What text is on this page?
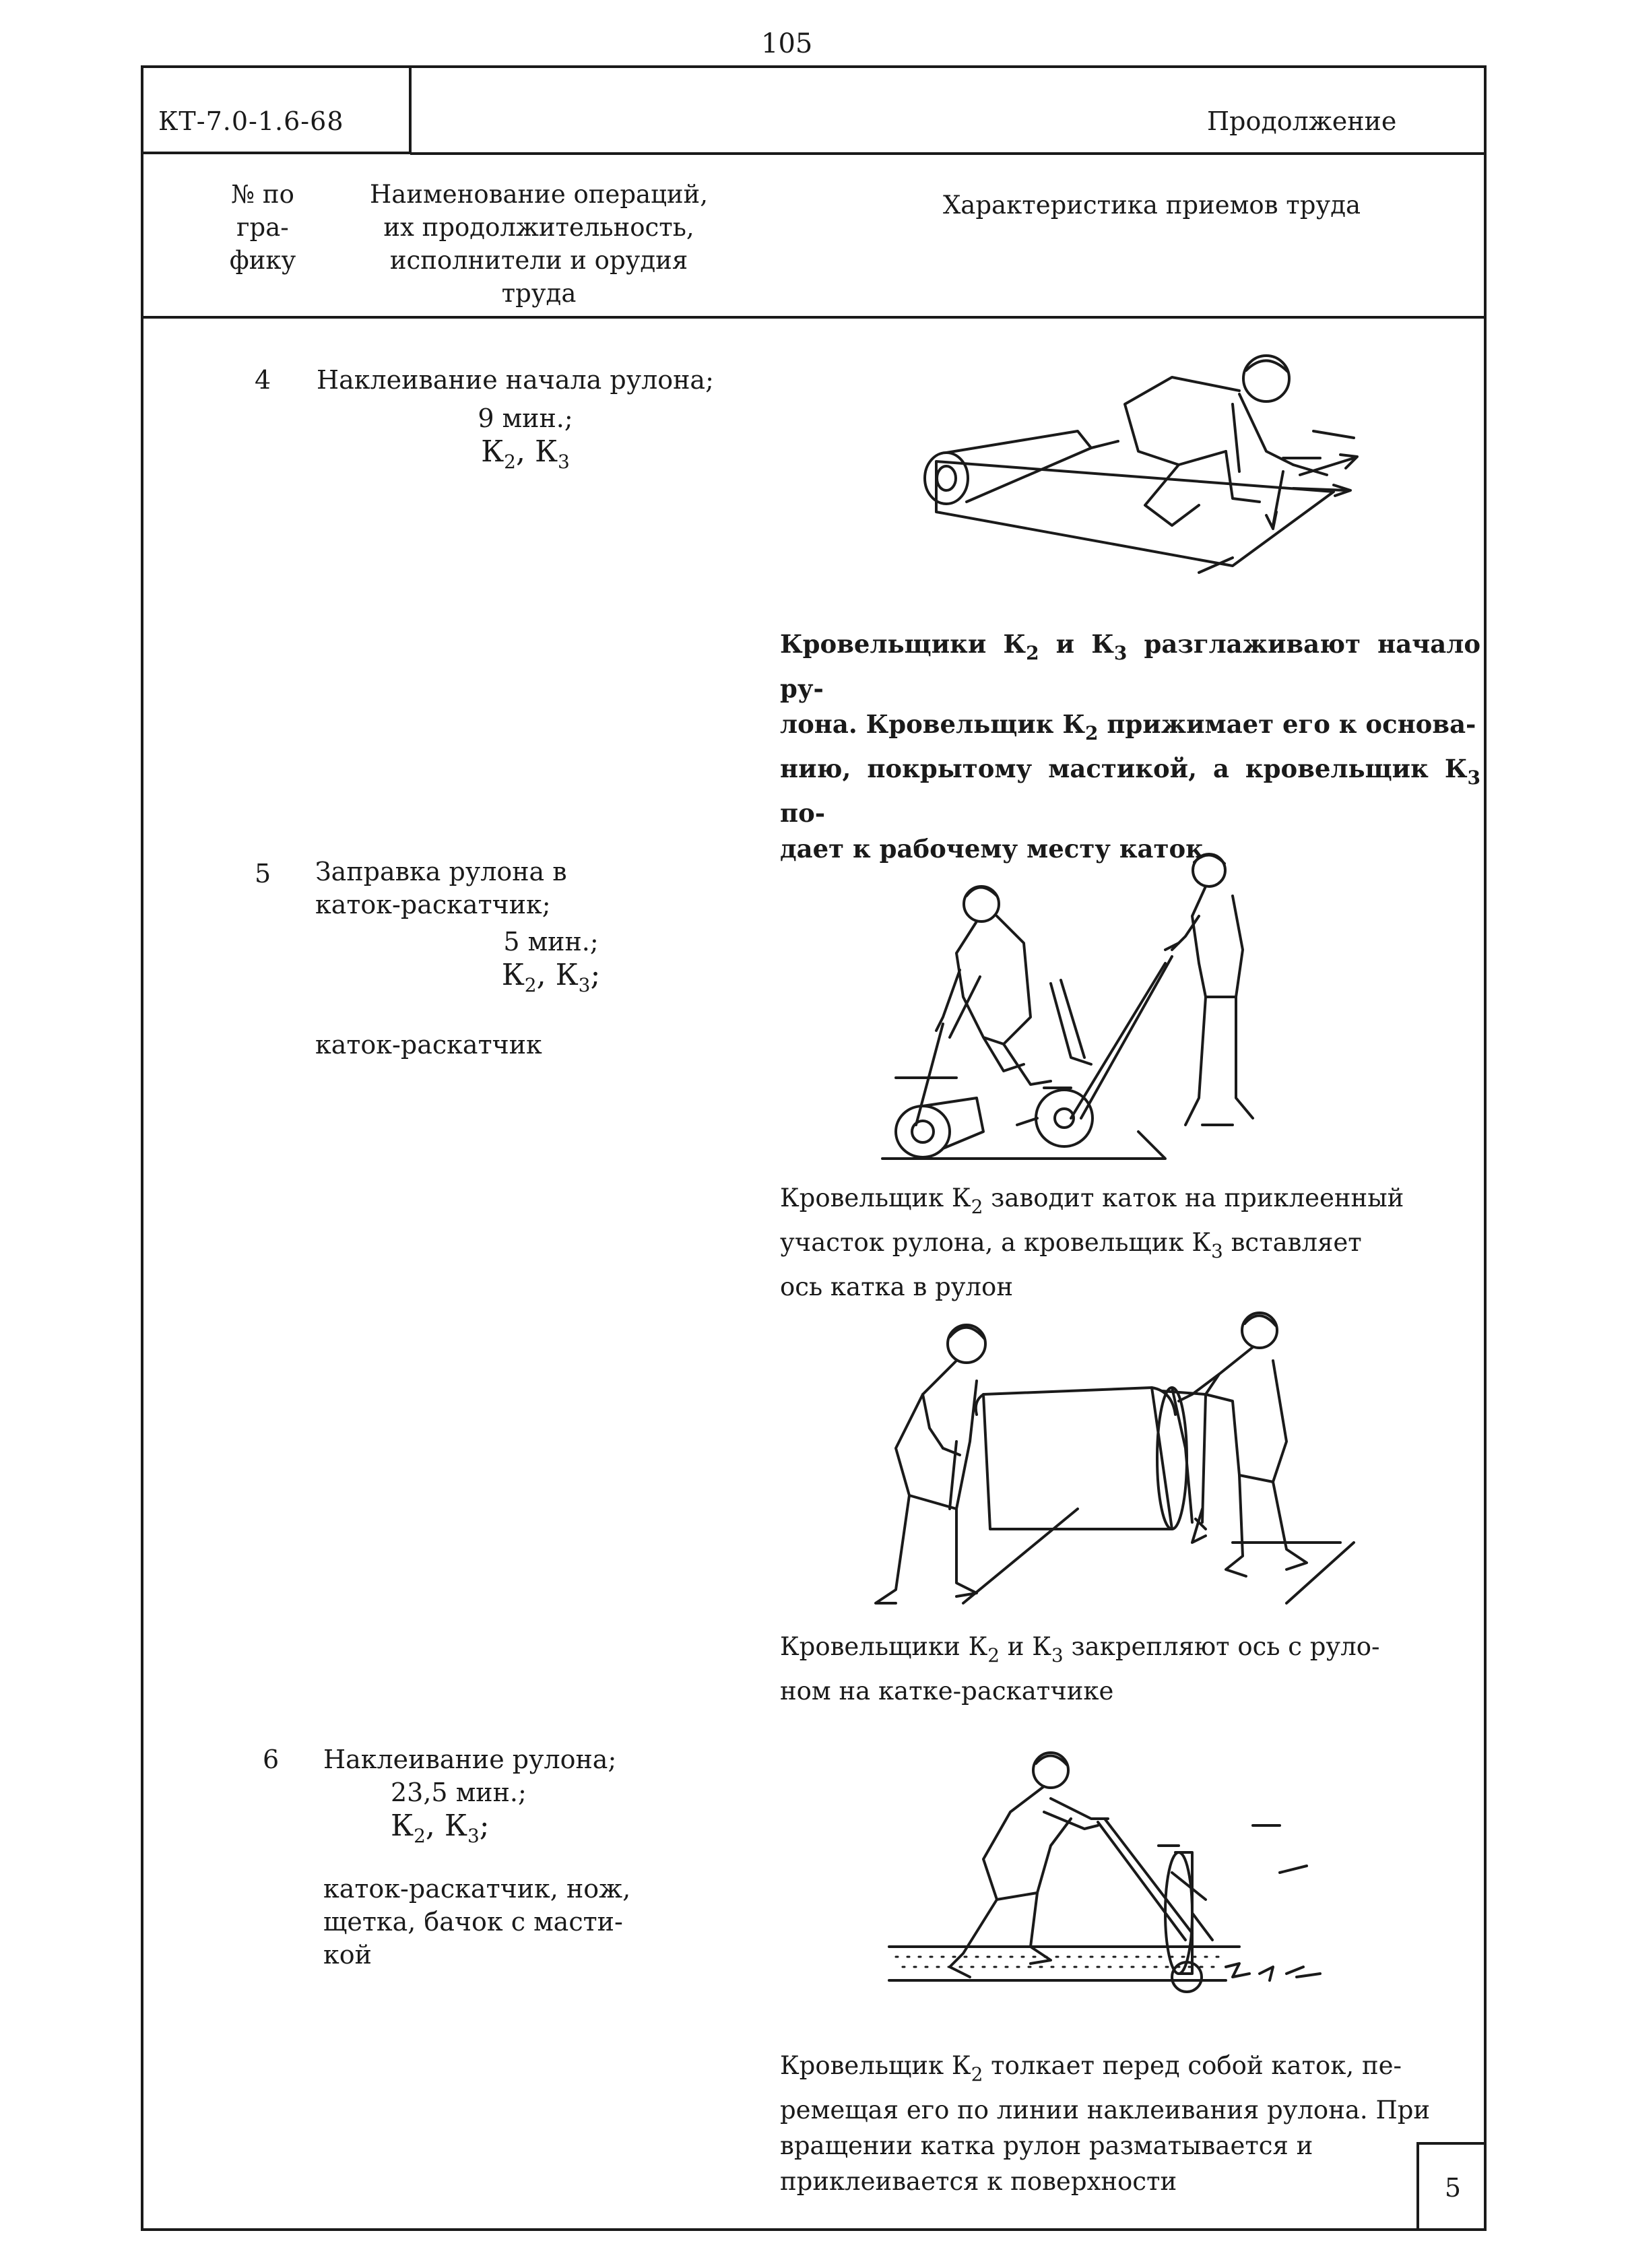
105
КТ-7.0-1.6-68	Продолжение
№ по
гра-
фику
Наименование операций,
их продолжительность,
исполнители и орудия
труда
Характеристика приемов труда
4 Наклеивание начала рулона;
9 мин.;
$К_2$, $К_3$
Кровельщики $К_2$ и $К_3$ разглаживают начало ру-
лона. Кровельщик $К_2$ прижимает его к основа-
нию, покрытому мастикой, а кровельщик $К_3$ по-
дает к рабочему месту каток
5 Заправка рулона в
каток-раскатчик;
5 мин.;
$К_2$, $К_3$;
каток-раскатчик
Кровельщик $К_2$ заводит каток на приклеенный
участок рулона, а кровельщик $К_3$ вставляет
ось катка в рулон
Кровельщики $К_2$ и $К_3$ закрепляют ось с руло-
ном на катке-раскатчике
6 Наклеивание рулона;
23,5 мин.;
$К_2$, $К_3$;
каток-раскатчик, нож,
щетка, бачок с масти-
кой
Кровельщик $К_2$ толкает перед собой каток, пе-
ремещая его по линии наклеивания рулона. При
вращении катка рулон разматывается и
приклеивается к поверхности	5
